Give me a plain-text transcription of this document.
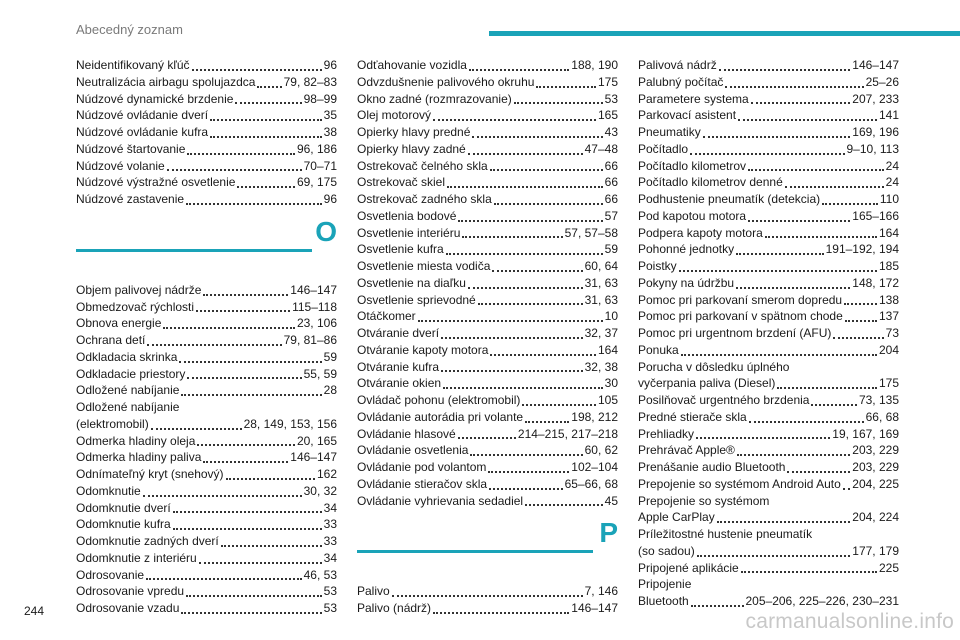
Abecedný zoznam
Neidentifikovaný kľúč	96
Neutralizácia airbagu spolujazdca 79, 82–83
Núdzové dynamické brzdenie	98–99
Núdzové ovládanie dverí	35
Núdzové ovládanie kufra	38
Núdzové štartovanie	96, 186
Núdzové volanie	70–71
Núdzové výstražné osvetlenie	69, 175
Núdzové zastavenie	96
O
Objem palivovej nádrže	146–147
Obmedzovač rýchlosti	115–118
Obnova energie	23, 106
Ochrana detí	79, 81–86
Odkladacia skrinka	59
Odkladacie priestory	55, 59
Odložené nabíjanie	28
Odložené nabíjanie
(elektromobil)	28, 149, 153, 156
Odmerka hladiny oleja	20, 165
Odmerka hladiny paliva	146–147
Odnímateľný kryt (snehový)	162
Odomknutie	30, 32
Odomknutie dverí	34
Odomknutie kufra	33
Odomknutie zadných dverí	33
Odomknutie z interiéru	34
Odrosovanie	46, 53
Odrosovanie vpredu	53
Odrosovanie vzadu	53
Odťahovanie vozidla	188, 190
Odvzdušnenie palivového okruhu	175
Okno zadné (rozmrazovanie)	53
Olej motorový	165
Opierky hlavy predné	43
Opierky hlavy zadné	47–48
Ostrekovač čelného skla	66
Ostrekovač skiel	66
Ostrekovač zadného skla	66
Osvetlenia bodové	57
Osvetlenie interiéru	57, 57–58
Osvetlenie kufra	59
Osvetlenie miesta vodiča	60, 64
Osvetlenie na diaľku	31, 63
Osvetlenie sprievodné	31, 63
Otáčkomer	10
Otváranie dverí	32, 37
Otváranie kapoty motora	164
Otváranie kufra	32, 38
Otváranie okien	30
Ovládač pohonu (elektromobil)	105
Ovládanie autorádia pri volante	198, 212
Ovládanie hlasové	214–215, 217–218
Ovládanie osvetlenia	60, 62
Ovládanie pod volantom	102–104
Ovládanie stieračov skla	65–66, 68
Ovládanie vyhrievania sedadiel	45
P
Palivo	7, 146
Palivo (nádrž)	146–147
Palivová nádrž	146–147
Palubný počítač	25–26
Parametere systema	207, 233
Parkovací asistent	141
Pneumatiky	169, 196
Počítadlo	9–10, 113
Počítadlo kilometrov	24
Počítadlo kilometrov denné	24
Podhustenie pneumatík (detekcia)	110
Pod kapotou motora	165–166
Podpera kapoty motora	164
Pohonné jednotky	191–192, 194
Poistky	185
Pokyny na údržbu	148, 172
Pomoc pri parkovaní smerom dopredu	138
Pomoc pri parkovaní v spätnom chode	137
Pomoc pri urgentnom brzdení (AFU)	73
Ponuka	204
Porucha v dôsledku úplného
vyčerpania paliva (Diesel)	175
Posilňovač urgentného brzdenia	73, 135
Predné stierače skla	66, 68
Prehliadky	19, 167, 169
Prehrávač Apple®	203, 229
Prenášanie audio Bluetooth	203, 229
Prepojenie so systémom Android Auto 204, 225
Prepojenie so systémom
Apple CarPlay	204, 224
Príležitostné hustenie pneumatík
(so sadou)	177, 179
Pripojené aplikácie	225
Pripojenie
Bluetooth	205–206, 225–226, 230–231
244	carmanualsonline.info
